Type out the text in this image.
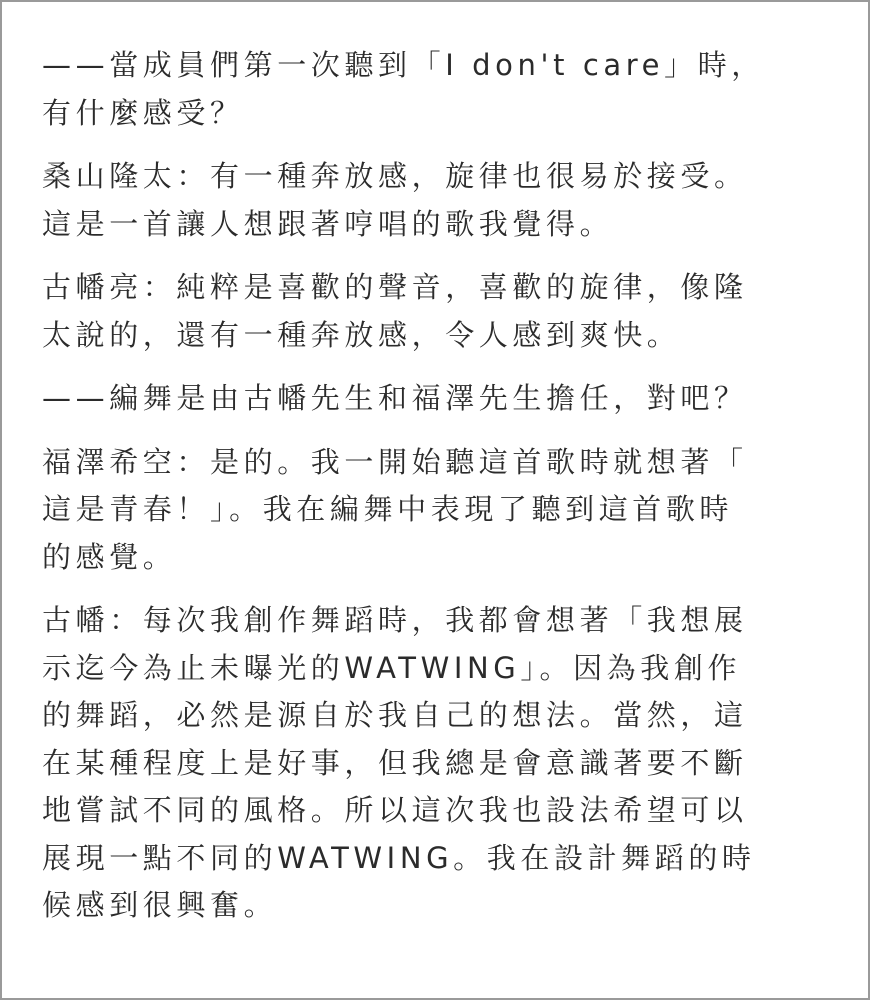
——當成員們第一次聽到「I don't care」時，
有什麼感受？

桑山隆太：有一種奔放感，旋律也很易於接受。
這是一首讓人想跟著哼唱的歌我覺得。

古幡亮：純粹是喜歡的聲音，喜歡的旋律，像隆
太說的，還有一種奔放感，令人感到爽快。

——編舞是由古幡先生和福澤先生擔任，對吧？

福澤希空：是的。我一開始聽這首歌時就想著「
這是青春！」。我在編舞中表現了聽到這首歌時
的感覺。

古幡：每次我創作舞蹈時，我都會想著「我想展
示迄今為止未曝光的WATWING」。因為我創作
的舞蹈，必然是源自於我自己的想法。當然，這
在某種程度上是好事，但我總是會意識著要不斷
地嘗試不同的風格。所以這次我也設法希望可以
展現一點不同的WATWING。我在設計舞蹈的時
候感到很興奮。
